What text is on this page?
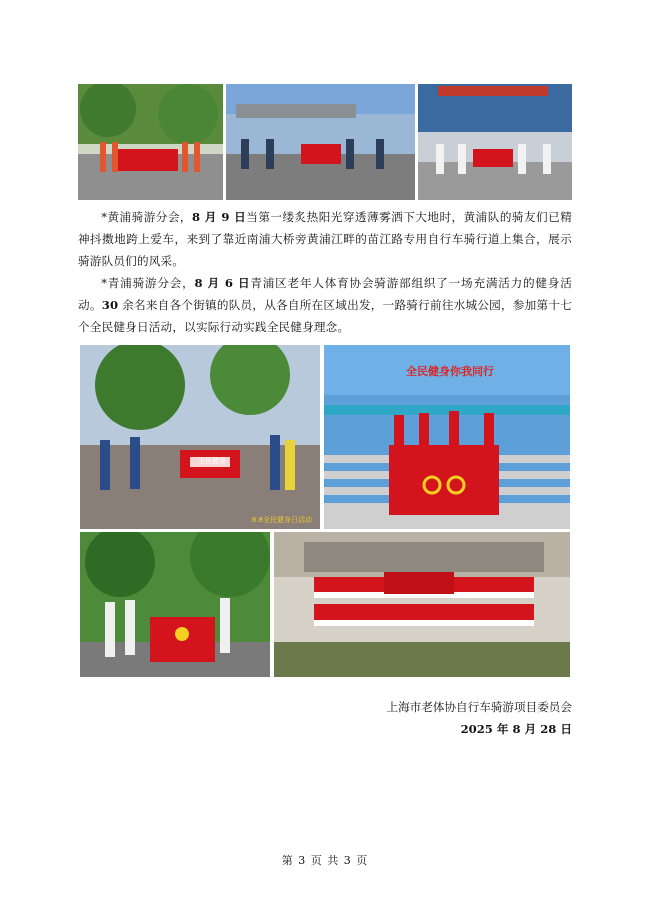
*黄浦骑游分会，8 月 9 日当第一缕炙热阳光穿透薄雾洒下大地时，黄浦队的骑友们已精神抖擞地跨上爱车，来到了靠近南浦大桥旁黄浦江畔的苗江路专用自行车骑行道上集合，展示骑游队员们的风采。
*青浦骑游分会，8 月 6 日青浦区老年人体育协会骑游部组织了一场充满活力的健身活动。30 余名来自各个街镇的队员，从各自所在区域出发，一路骑行前往水城公园，参加第十七个全民健身日活动，以实际行动实践全民健身理念。
全民健身
8.8全民健身日活动
全民健身你我同行
上海市老体协自行车骑游项目委员会
2025 年 8 月 28 日
第 3 页 共 3 页
